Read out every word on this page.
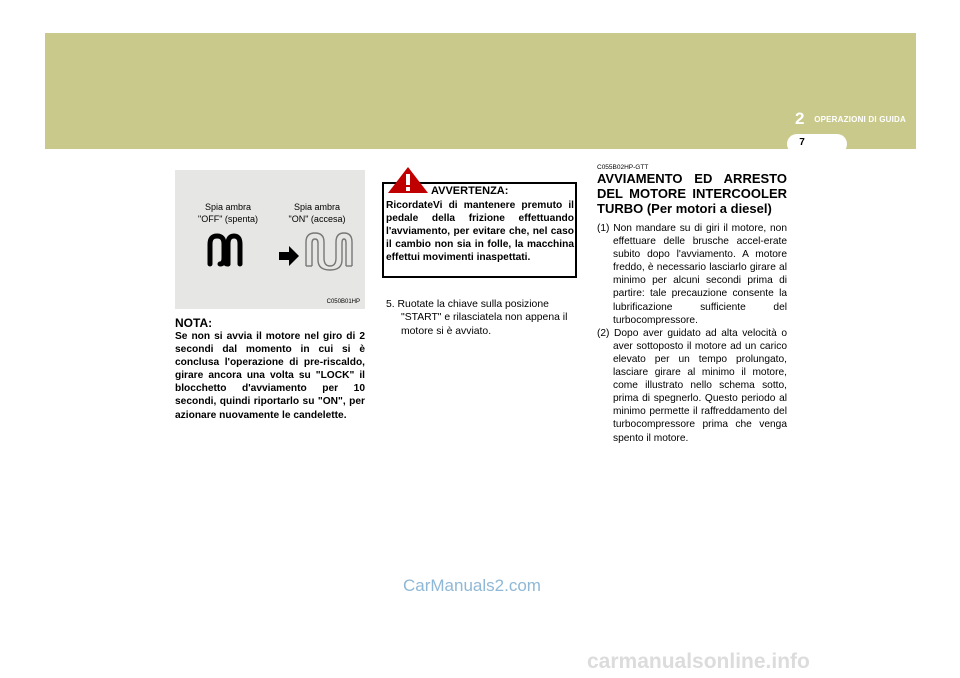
OPERAZIONI DI GUIDA
2
7
Spia ambra
"OFF" (spenta)
Spia ambra
"ON" (accesa)
C050B01HP
NOTA:
Se non si avvia il motore nel giro di 2 secondi dal momento in cui si è conclusa l'operazione di pre-riscaldo, girare ancora una volta su "LOCK" il blocchetto d'avviamento per 10 secondi, quindi riportarlo su "ON", per azionare nuovamente le candelette.
AVVERTENZA:
RicordateVi di mantenere premuto il pedale della frizione effettuando l'avviamento, per evitare che, nel caso il cambio non sia in folle, la macchina effettui movimenti inaspettati.
5. Ruotate la chiave sulla posizione
"START" e rilasciatela non appena il motore si è avviato.
C055B02HP-GTT
AVVIAMENTO ED ARRESTO DEL MOTORE INTERCOOLER TURBO (Per motori a diesel)
(1) Non mandare su di giri il motore, non effettuare delle brusche accel-erate subito dopo l'avviamento. A motore freddo, è necessario lasciarlo girare al minimo per alcuni secondi prima di partire: tale precauzione consente la lubrificazione sufficiente del turbocompressore.
(2) Dopo aver guidato ad alta velocità o aver sottoposto il motore ad un carico elevato per un tempo prolungato, lasciare girare al minimo il motore, come illustrato nello schema sotto, prima di spegnerlo. Questo periodo al minimo permette il raffreddamento del turbocompressore prima che venga spento il motore.
CarManuals2.com
carmanualsonline.info
